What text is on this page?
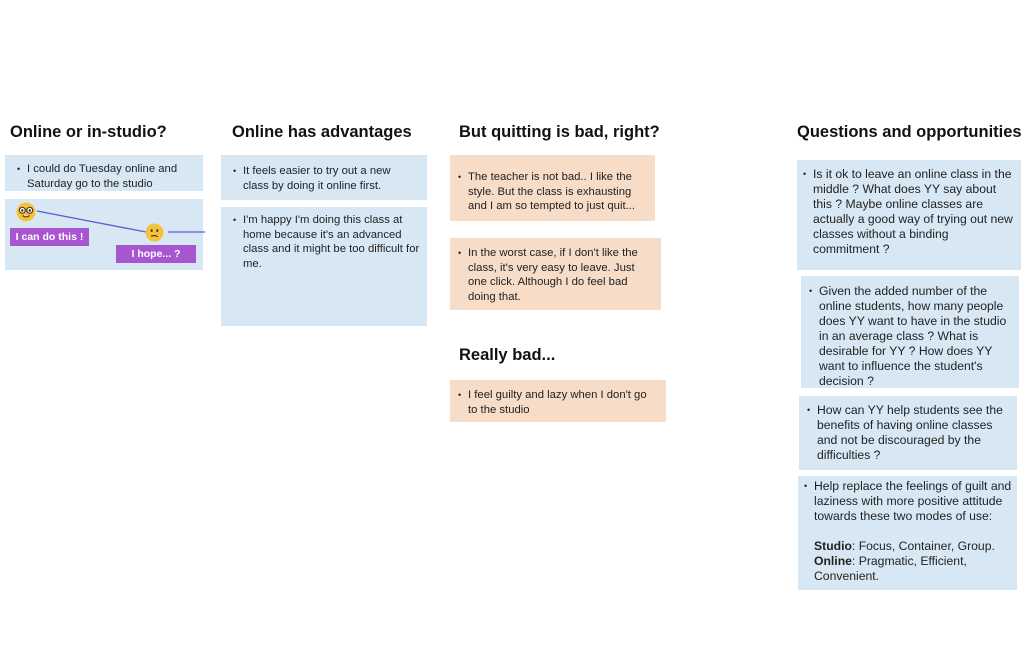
Online or in-studio?
• I could do Tuesday online and Saturday go to the studio
I can do this !
I hope... ?
Online has advantages
• It feels easier to try out a new class by doing it online first.
• I'm happy I'm doing this class at home because it's an advanced class and it might be too difficult for me.
But quitting is bad, right?
• The teacher is not bad.. I like the style. But the class is exhausting and I am so tempted to just quit...
• In the worst case, if I don't like the class, it's very easy to leave. Just one click. Although I do feel bad doing that.
Really bad...
• I feel guilty and lazy when I don't go to the studio
Questions and opportunities
• Is it ok to leave an online class in the middle ? What does YY say about this ? Maybe online classes are actually a good way of trying out new classes without a binding commitment ?
• Given the added number of the online students, how many people does YY want to have in the studio in an average class ? What is desirable for YY ? How does YY want to influence the student's decision ?
• How can YY help students see the benefits of having online classes and not be discouraged by the difficulties ?
• Help replace the feelings of guilt and laziness with more positive attitude towards these two modes of use:
Studio: Focus, Container, Group.
Online: Pragmatic, Efficient, Convenient.
